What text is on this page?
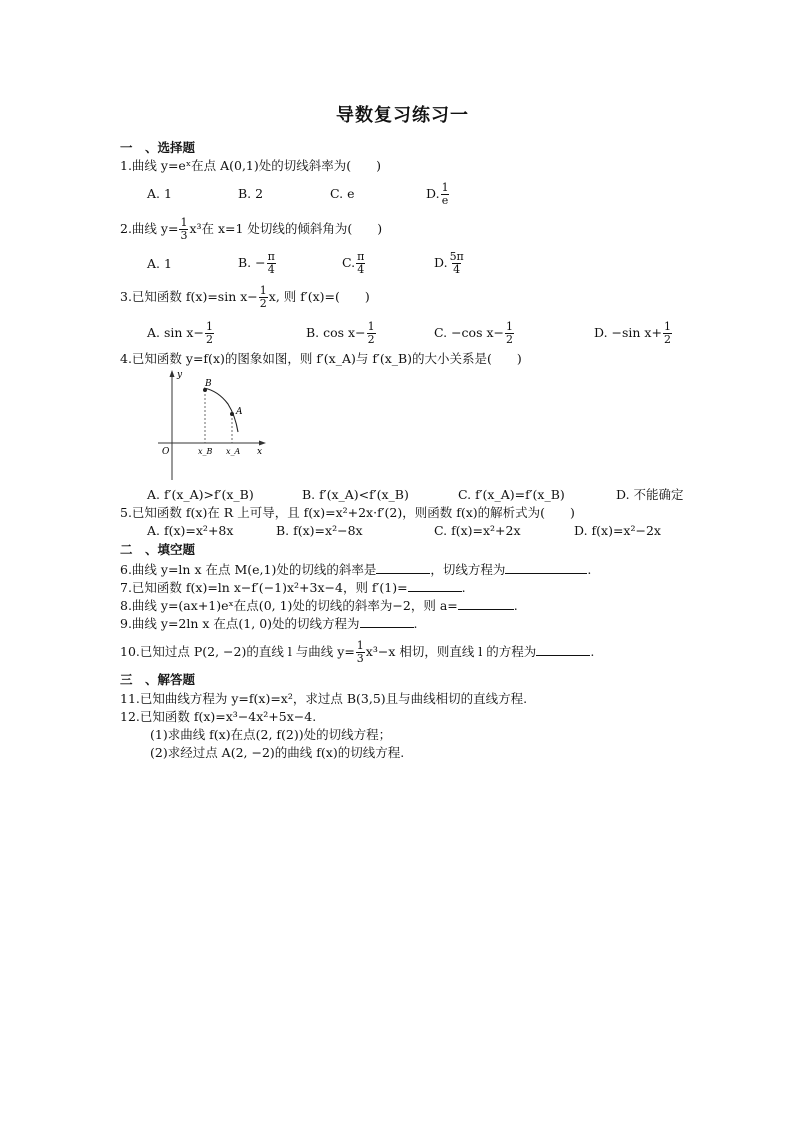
导数复习练习一
一　、选择题
1.曲线 y=eˣ在点 A(0,1)处的切线斜率为(　　)
A. 1	B. 2	C. e	D. $\frac{1}{e}$
2.曲线 $y= \frac{1}{3} x^3$在 x=1 处切线的倾斜角为(　　)
A. 1	B. − $\frac{\pi}{4}$	C. $\frac{\pi}{4}$	D. $\frac{5\pi}{4}$
3.已知函数 f(x)=sin $x- \frac{1}{2} x$, 则 f′(x)=(　　)
A. $\sin x- \frac{1}{2}$	B. $\cos x- \frac{1}{2}$	C. −cos $x- \frac{1}{2}$	D. −sin $x+ \frac{1}{2}$
4.已知函数 y=f(x)的图象如图，则 f′(x_A)与 f′(x_B)的大小关系是(　　)
y
x
O
B
A
x_B x_A
A. f′(x_A)>f′(x_B)	B. f′(x_A)<f′(x_B)	C. f′(x_A)=f′(x_B)	D. 不能确定
5.已知函数 f(x)在 R 上可导，且 f(x)=x²+2x·f′(2)，则函数 f(x)的解析式为(　　)
A. f(x)=x²+8x	B. f(x)=x²−8x	C. f(x)=x²+2x	D. f(x)=x²−2x
二　、填空题
6.曲线 y=ln x 在点 M(e,1)处的切线的斜率是	，切线方程为	.
7.已知函数 f(x)=ln x−f′(−1)x²+3x−4，则 f′(1)=	.
8.曲线 y=(ax+1)eˣ在点(0, 1)处的切线的斜率为−2，则 a=	.
9.曲线 y=2ln x 在点(1, 0)处的切线方程为	.
10.已知过点 P(2, −2)的直线 l 与曲线 $y= \frac{1}{3} x^3-x$ 相切，则直线 l 的方程为	.
三　、解答题
11.已知曲线方程为 y=f(x)=x²，求过点 B(3,5)且与曲线相切的直线方程.
12.已知函数 f(x)=x³−4x²+5x−4.
(1)求曲线 f(x)在点(2, f(2))处的切线方程；
(2)求经过点 A(2, −2)的曲线 f(x)的切线方程.
